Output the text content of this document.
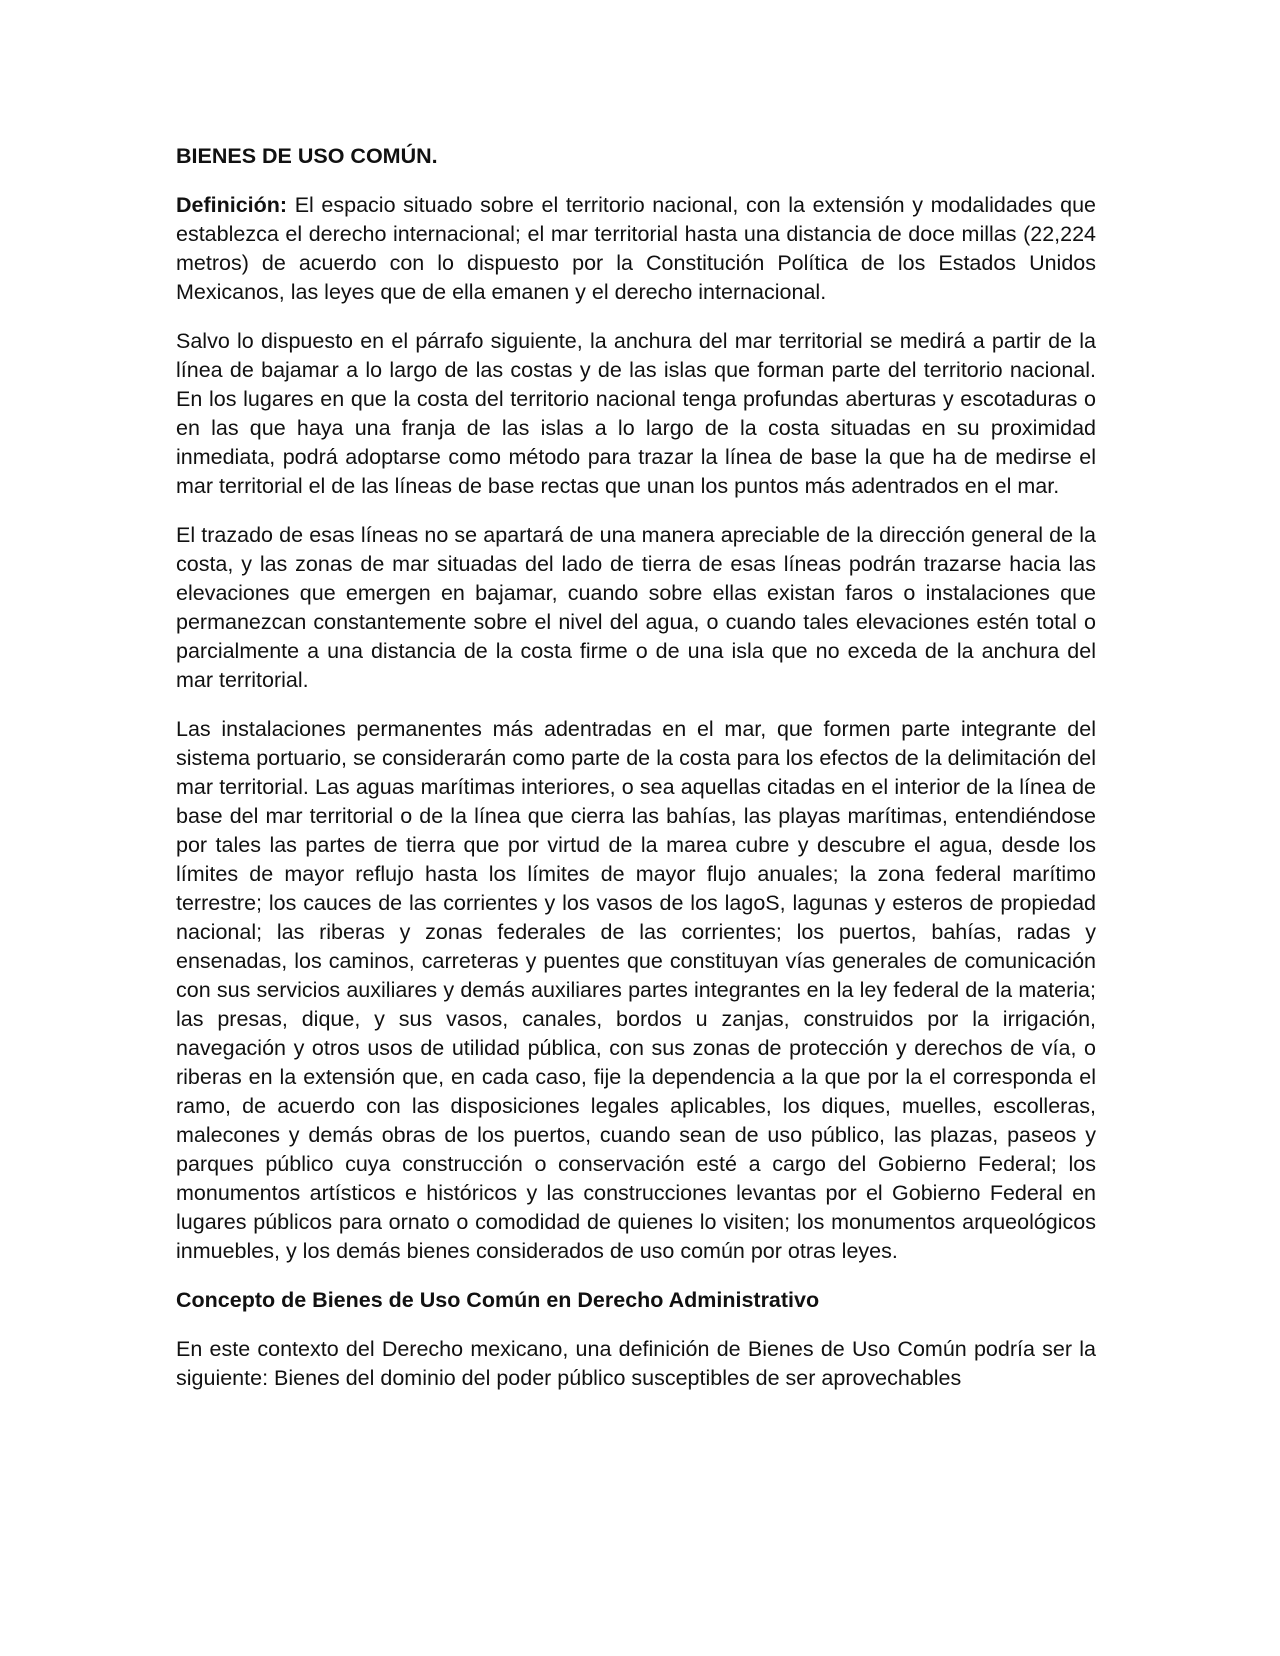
BIENES DE USO COMÚN.

Definición: El espacio situado sobre el territorio nacional, con la extensión y modalidades que establezca el derecho internacional; el mar territorial hasta una distancia de doce millas (22,224 metros) de acuerdo con lo dispuesto por la Constitución Política de los Estados Unidos Mexicanos, las leyes que de ella emanen y el derecho internacional.

Salvo lo dispuesto en el párrafo siguiente, la anchura del mar territorial se medirá a partir de la línea de bajamar a lo largo de las costas y de las islas que forman parte del territorio nacional. En los lugares en que la costa del territorio nacional tenga profundas aberturas y escotaduras o en las que haya una franja de las islas a lo largo de la costa situadas en su proximidad inmediata, podrá adoptarse como método para trazar la línea de base la que ha de medirse el mar territorial el de las líneas de base rectas que unan los puntos más adentrados en el mar.

El trazado de esas líneas no se apartará de una manera apreciable de la dirección general de la costa, y las zonas de mar situadas del lado de tierra de esas líneas podrán trazarse hacia las elevaciones que emergen en bajamar, cuando sobre ellas existan faros o instalaciones que permanezcan constantemente sobre el nivel del agua, o cuando tales elevaciones estén total o parcialmente a una distancia de la costa firme o de una isla que no exceda de la anchura del mar territorial.

Las instalaciones permanentes más adentradas en el mar, que formen parte integrante del sistema portuario, se considerarán como parte de la costa para los efectos de la delimitación del mar territorial. Las aguas marítimas interiores, o sea aquellas citadas en el interior de la línea de base del mar territorial o de la línea que cierra las bahías, las playas marítimas, entendiéndose por tales las partes de tierra que por virtud de la marea cubre y descubre el agua, desde los límites de mayor reflujo hasta los límites de mayor flujo anuales; la zona federal marítimo terrestre; los cauces de las corrientes y los vasos de los lagoS, lagunas y esteros de propiedad nacional; las riberas y zonas federales de las corrientes; los puertos, bahías, radas y ensenadas, los caminos, carreteras y puentes que constituyan vías generales de comunicación con sus servicios auxiliares y demás auxiliares partes integrantes en la ley federal de la materia; las presas, dique, y sus vasos, canales, bordos u zanjas, construidos por la irrigación, navegación y otros usos de utilidad pública, con sus zonas de protección y derechos de vía, o riberas en la extensión que, en cada caso, fije la dependencia a la que por la el corresponda el ramo, de acuerdo con las disposiciones legales aplicables, los diques, muelles, escolleras, malecones y demás obras de los puertos, cuando sean de uso público, las plazas, paseos y parques público cuya construcción o conservación esté a cargo del Gobierno Federal; los monumentos artísticos e históricos y las construcciones levantas por el Gobierno Federal en lugares públicos para ornato o comodidad de quienes lo visiten; los monumentos arqueológicos inmuebles, y los demás bienes considerados de uso común por otras leyes.

Concepto de Bienes de Uso Común en Derecho Administrativo

En este contexto del Derecho mexicano, una definición de Bienes de Uso Común podría ser la siguiente: Bienes del dominio del poder público susceptibles de ser aprovechables
